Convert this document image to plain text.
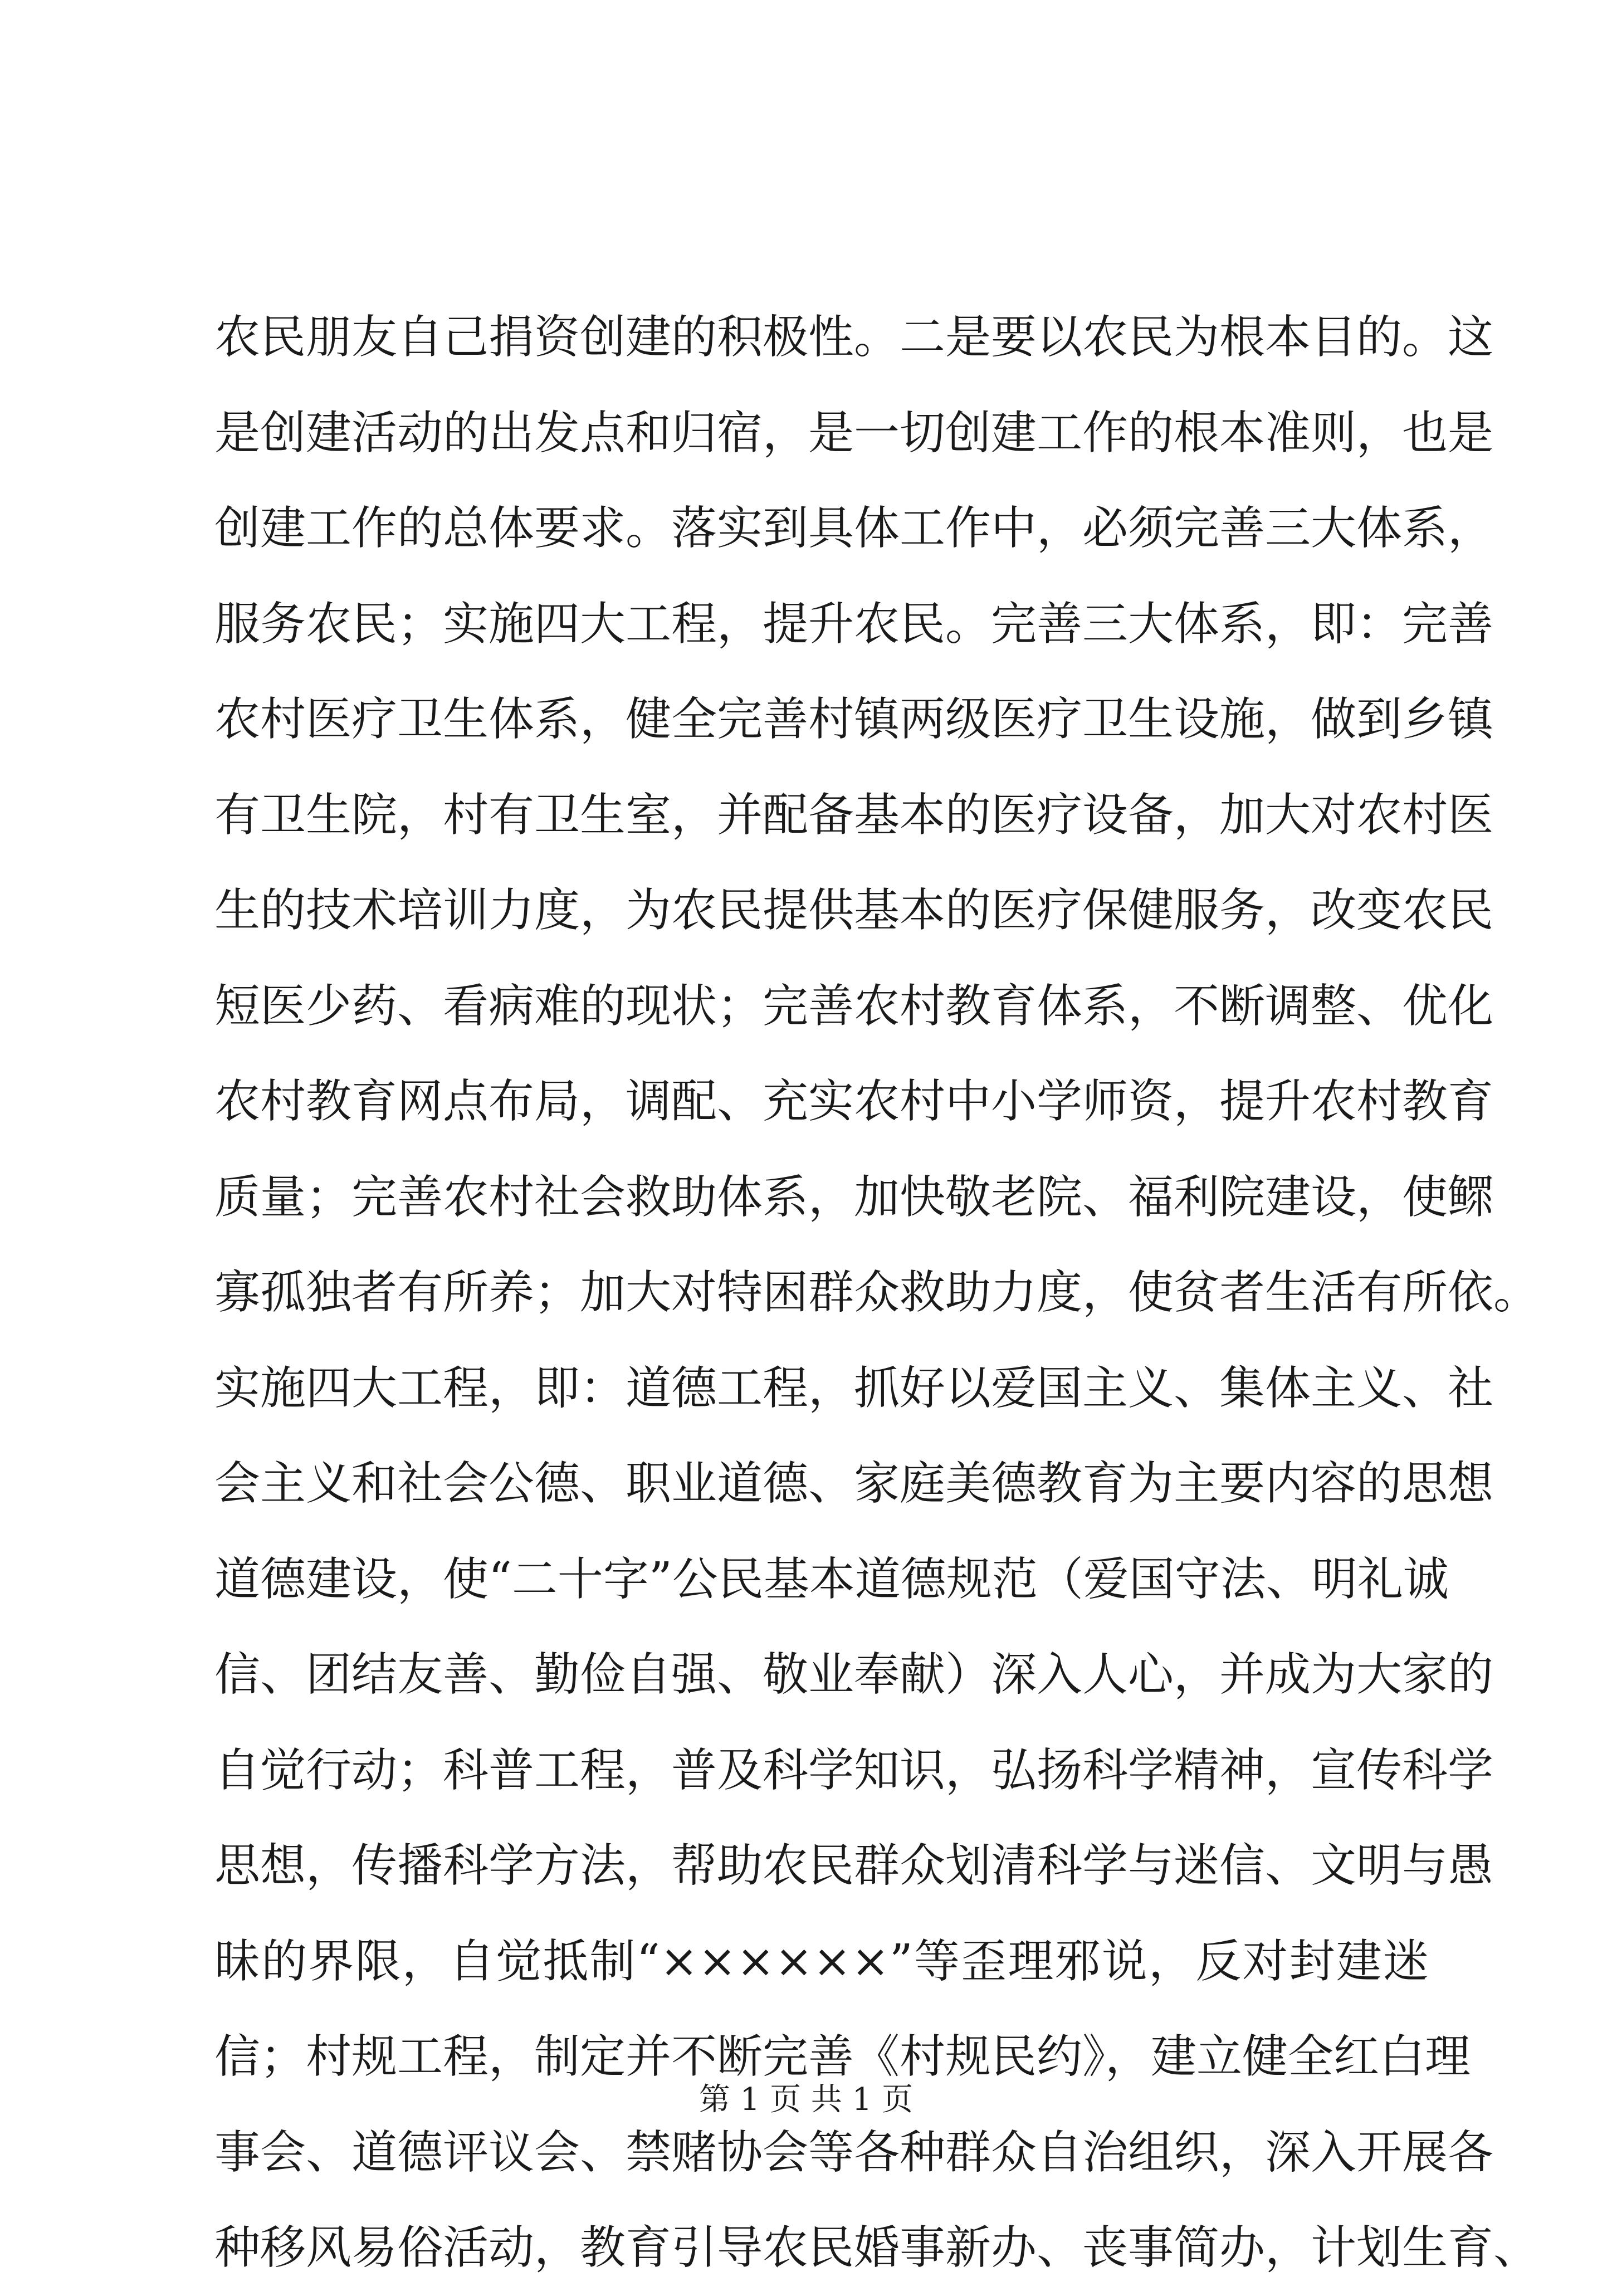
农民朋友自己捐资创建的积极性。二是要以农民为根本目的。这
是创建活动的出发点和归宿，是一切创建工作的根本准则，也是
创建工作的总体要求。落实到具体工作中，必须完善三大体系，
服务农民；实施四大工程，提升农民。完善三大体系，即：完善
农村医疗卫生体系，健全完善村镇两级医疗卫生设施，做到乡镇
有卫生院，村有卫生室，并配备基本的医疗设备，加大对农村医
生的技术培训力度，为农民提供基本的医疗保健服务，改变农民
短医少药、看病难的现状；完善农村教育体系，不断调整、优化
农村教育网点布局，调配、充实农村中小学师资，提升农村教育
质量；完善农村社会救助体系，加快敬老院、福利院建设，使鳏
寡孤独者有所养；加大对特困群众救助力度，使贫者生活有所依。
实施四大工程，即：道德工程，抓好以爱国主义、集体主义、社
会主义和社会公德、职业道德、家庭美德教育为主要内容的思想
道德建设，使“二十字”公民基本道德规范（爱国守法、明礼诚
信、团结友善、勤俭自强、敬业奉献）深入人心，并成为大家的
自觉行动；科普工程，普及科学知识，弘扬科学精神，宣传科学
思想，传播科学方法，帮助农民群众划清科学与迷信、文明与愚
昧的界限，自觉抵制“××××××”等歪理邪说，反对封建迷
信；村规工程，制定并不断完善《村规民约》，建立健全红白理
事会、道德评议会、禁赌协会等各种群众自治组织，深入开展各
种移风易俗活动，教育引导农民婚事新办、丧事简办，计划生育、
第 1 页 共 1 页
